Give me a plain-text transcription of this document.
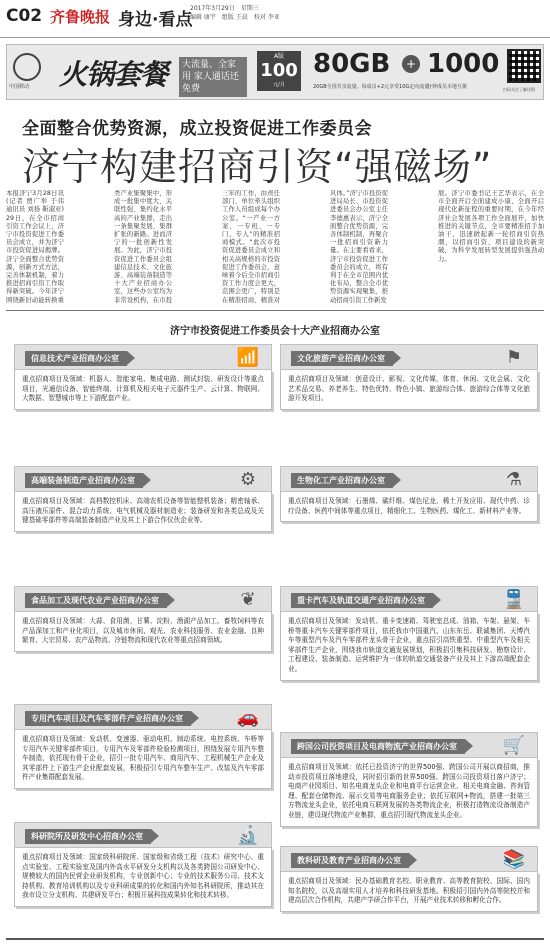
C02 齐鲁晚报 身边·看点
2017年3月29日　星期三
编辑 康宇　组版 王晨　校对 李亚
中国移动 火锅套餐	大流量、全家用 家人通话还免费
A版
100
元/月
80GB	+ 1000
20GB全国共享流量、每成员+2元享受10G定向流量
分钟成员本地互拨	扫码关注了解详情
全面整合优势资源，成立投资促进工作委员会
济宁构建招商引资“强磁场”
本报济宁3月28日讯(记者 贾广举 于伟 通讯员 刘扬 靳淑亚) 29日，在全市招商引资工作会议上，济宁市投资促进工作委员会成立，并为济宁市投资促进局揭牌。济宁全面整合优势资源，创新方式方法，完善体制机制，着力推进招商引资工作取得新突破。今年济宁围绕新旧动能转换重
类产业集聚集中，形成一批集中度大、关联性强、集约化水平高的产业集群，走出一条集聚发展、集群扩张的新路。进而济宁的一批创新性发展。为此，济宁市投资促进工作委员会组建信息技术、文化旅游、高端装备制造等十大产业招商办公室，这些办公室均为非常设机构，在市投
三年的工作，由责任部门、单位牵头组织工作人员组成每个办公室。“一产业一方案、一专班、一专门、专人”的精准招商模式。“此次市投资促进委员会成立和相关高规格的市投资促进工作委员会，意味着今后全市招商引资工作力度会更大，范围会更广，特别是在精准招商、精准对
具体。”济宁市投资促进局局长、市投资促进委员会办公室主任李德惠表示，济宁全面整合优势资源，完善体制机制，再聚合一批招商引资新力量。在主要看看来，济宁市投资促进工作委员会的成立，将有利于在全市范围内优化布局，整合全市优势资源实现聚集，推动招商引资工作新发
展。济宁市委书记王艺华表示，在全市全面开启全面建成小康、全面开启现代化新征程的重要时期，在今年经济社会发展各项工作全面展开，加快推进的关键节点，全市要精准招手加油干，迅速掀起新一轮招商引资热潮，以招商引资、项目建设的新突破，为科学发展转型发展提供强劲动力。
济宁市投资促进工作委员会十大产业招商办公室
信息技术产业招商办公室	📶
重点招商项目及领域：机器人、智能家电、集成电路、测试封装、研发设计等重点项目，光通信设备、智能终端、计算机及相关电子元器件生产、云计算、物联网、大数据、智慧城市等上下游配套产业。
高端装备制造产业招商办公室	⚙
重点招商项目及领域：高档数控机床、高端农机设备等智能整机装备；精密轴承、高压液压原件、混合动力系统、电气机械及器材制造业；装备研发和各类总成及关键基础零部件等高端装备制造产业及其上下游合作仪伙企业等。
食品加工及现代农业产业招商办公室	❦
重点招商项目及领域：大蒜、食用菌、甘薯、淀粉、渔湖产品加工、畜牧饲料等农产品深加工和产业化项目，以及城市休闲、观光、农业科技服务、农业金融、良种繁育、大宗贸易、农产品物流、冷链物流和现代农业等重点招商领域。
专用汽车项目及汽车零部件产业招商办公室	🚗
重点招商项目及领域：发动机、变速器、驱动电机、制动系统、电控系统、车桥等专用汽车关键零部件项目，专用汽车及零部件检验检测项目，围绕发展专用汽车整车制造，依托现有骨干企业，招引一批专用汽车、商用汽车、工程机械生产企业及其零部件上下游生产企业配套发展，积极招引专用汽车整车生产、改装及汽车零部件产业集群配套发展。
科研院所及研发中心招商办公室	🔬
重点招商项目及领域：国家级科研院所、国家级和省级工程（技术）研究中心、重点实验室、工程实验室及国内外高水平研发分支机构以及各类跨国公司研发中心、规模较大的国内民营企业研发机构，专业创新中心；专业的技术服务公司、技术支持机构、教育培训机构以及专业科研成果的转化和国内外知名科研院所，推动其在我市设立分支机构、共建研发平台；积极开展科技成果转化和技术转移。
文化旅游产业招商办公室	⚑
重点招商项目及领域：创意设计、影视、文化传媒，体育、休闲、文化会展、文化艺术品交易、养老养生、特色优特、特色小镇、旅游综合体、旅游综合体等文化旅游开发项目。
生物化工产业招商办公室	⚗
重点招商项目及领域：石墨烯、碳纤维、煤色尼龙、稀土开发应用、现代中药、诊疗设备、医药中间体等重点项目，精细化工、生物医药、煤化工、新材料产业等。
重卡汽车及轨道交通产业招商办公室	🚆
重点招商项目及领域：发动机、重卡变速箱、驾驶室总成、油箱、车架、悬架、车桥等重卡汽车关键零部件项目，依托我市中国重汽、山东东岳、联诚集团、天博汽车等重型汽车及汽车零部件龙头骨干企业，重点招引高铁重型、中重型汽车及相关零部件生产企业，围绕我市轨道交通发展规划，积极招引集科技研发、勘察设计、工程建设、装备制造、运营维护为一体的轨道交通装备产业及其上下游高端配套企业。
跨国公司投资项目及电商物流产业招商办公室	🛒
重点招商项目及领域：依托已投资济宁的世界500强、跨国公司开展以商招商，推动市投资项目落地建设，同时招引新的世界500强、跨国公司投资项目落户济宁；电商产业园项目、知名电商龙头企业和电商平台运营企业、相关电商金融、咨询管理、配套仓储物流、展示交易等电商服务企业；依托互联网+物流，搭建一批第三方物流龙头企业，依托电商互联网发展的各类物流企业，积极打造物流设备制造产业链，建设现代物流产业集群，重点招引现代物流龙头企业。
教科研及教育产业招商办公室	📚
重点招商项目及领域：民办基础教育名校、职业教育、高等教育院校、国际、国内知名院校，以及高端实用人才培养和科技研发基地。积极招引国内外高等院校并和建高层次合作机构，共建产学研合作平台，开展产业技术转移和孵化合作。
